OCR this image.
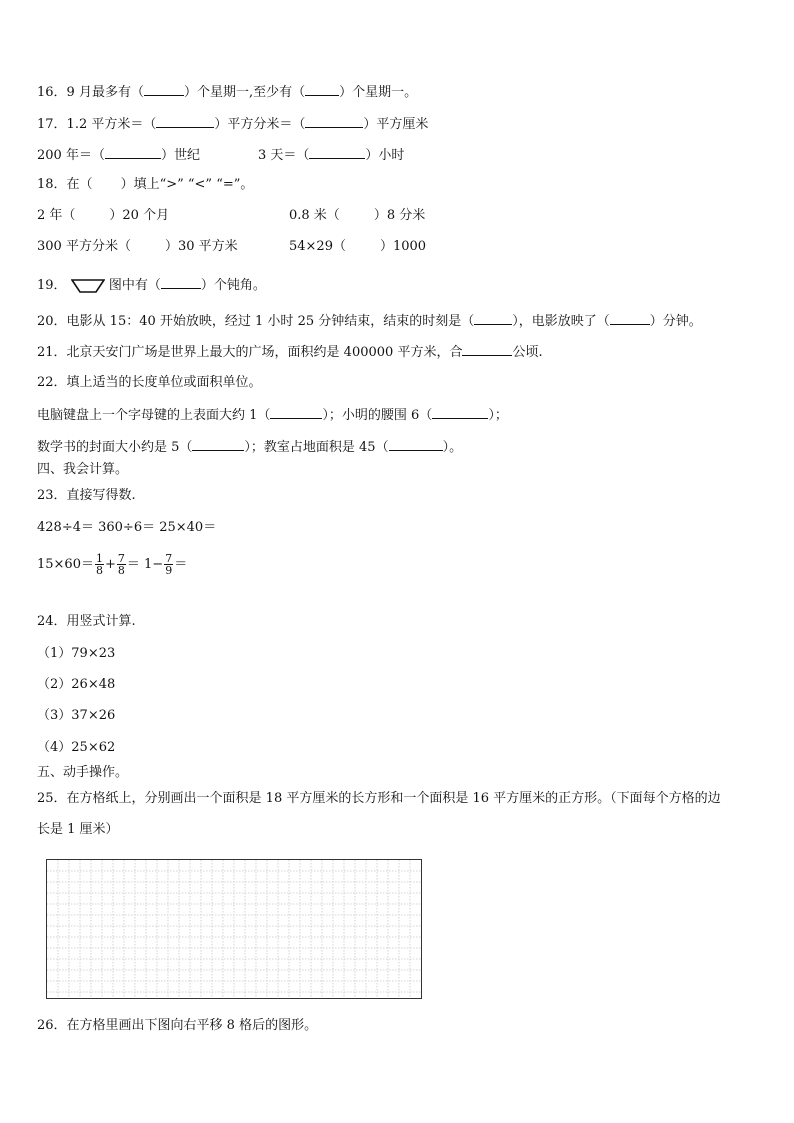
16．9 月最多有（	）个星期一,至少有（	）个星期一。
17．1.2 平方米＝（	）平方分米＝（	）平方厘米
200 年＝（	）世纪	3 天＝（	）小时
18．在（ ）填上“>” “<” “=”。
2 年（	）20 个月	0.8 米（	）8 分米
300 平方分米（	）30 平方米	54×29（	）1000
19．	图中有（	）个钝角。
20．电影从 15：40 开始放映，经过 1 小时 25 分钟结束，结束的时刻是（	），电影放映了（	）分钟。
21．北京天安门广场是世界上最大的广场，面积约是 400000 平方米，合	公顷.
22．填上适当的长度单位或面积单位。
电脑键盘上一个字母键的上表面大约 1（	）；小明的腰围 6（	）；
数学书的封面大小约是 5（	）；教室占地面积是 45（	）。
四、我会计算。
23．直接写得数.
428÷4＝ 360÷6＝ 25×40＝
$15\times 60= \frac{1}{8} + \frac{7}{8} = 1- \frac{7}{9}$ ＝
24．用竖式计算.
（1）79×23
（2）26×48
（3）37×26
（4）25×62
五、动手操作。
25．在方格纸上，分别画出一个面积是 18 平方厘米的长方形和一个面积是 16 平方厘米的正方形。（下面每个方格的边
长是 1 厘米）
26．在方格里画出下图向右平移 8 格后的图形。
